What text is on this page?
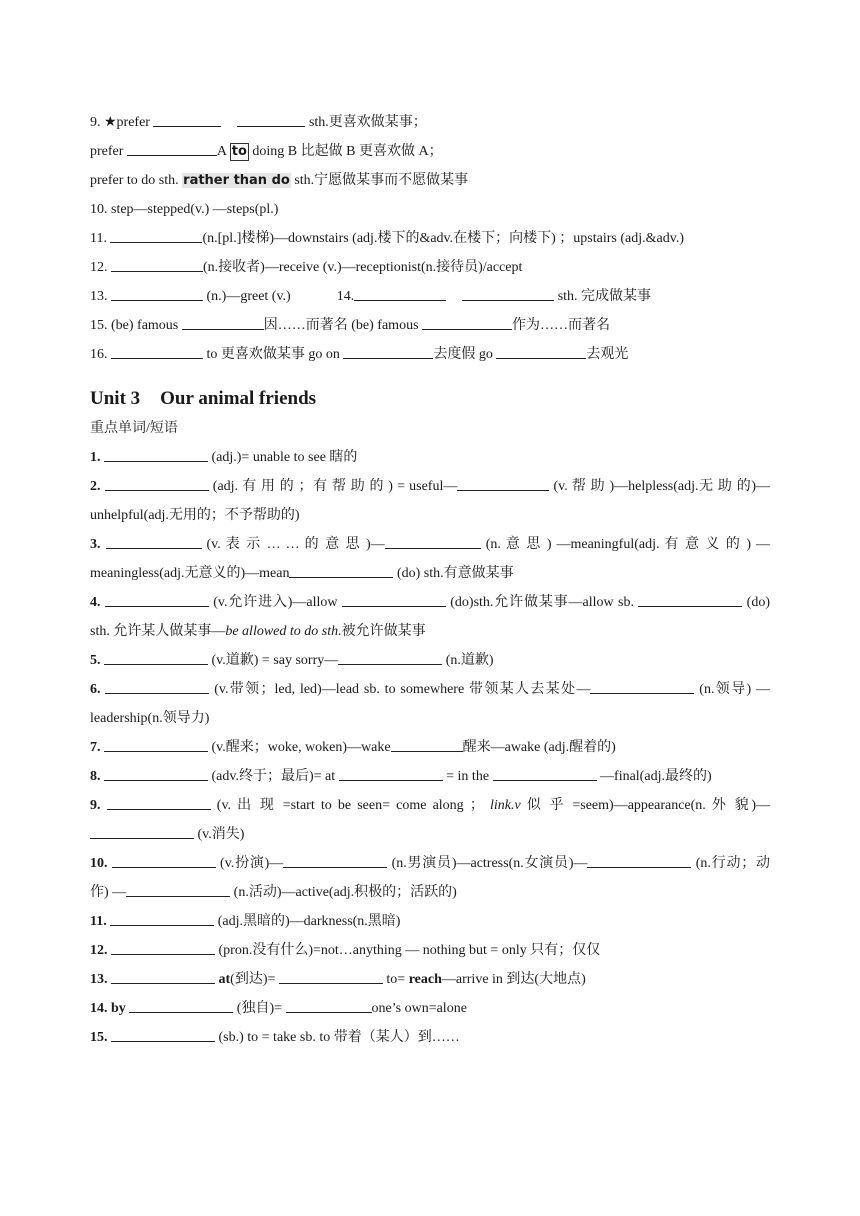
9. ★prefer	sth.更喜欢做某事；
prefer	A to doing B 比起做 B 更喜欢做 A；
prefer to do sth. rather than do sth.宁愿做某事而不愿做某事
10. step—stepped(v.) —steps(pl.)
11.	(n.[pl.]楼梯)—downstairs (adj.楼下的&adv.在楼下；向楼下) ；upstairs (adj.&adv.)
12.	(n.接收者)—receive (v.)—receptionist(n.接待员)/accept
13.	(n.)—greet (v.)	14.	sth. 完成做某事
15. (be) famous	因……而著名 (be) famous	作为……而著名
16.	to 更喜欢做某事 go on	去度假 go	去观光
Unit 3 Our animal friends
重点单词/短语
1.	(adj.)= unable to see 瞎的
2.	(adj. 有 用 的 ；有 帮 助 的 ) = useful—	(v. 帮 助 )—helpless(adj.无 助 的)—unhelpful(adj.无用的；不予帮助的)
3.	(v. 表 示 … … 的 意 思 )—	(n. 意 思 ) —meaningful(adj. 有 意 义 的 ) —meaningless(adj.无意义的)—mean	(do) sth.有意做某事
4.	(v.允许进入)—allow	(do)sth.允许做某事—allow sb.	(do) sth. 允许某人做某事—be allowed to do sth.被允许做某事
5.	(v.道歉) = say sorry—	(n.道歉)
6.	(v.带领；led, led)—lead sb. to somewhere 带领某人去某处—	(n.领导) —leadership(n.领导力)
7.	(v.醒来；woke, woken)—wake	醒来—awake (adj.醒着的)
8.	(adv.终于；最后)= at	= in the	—final(adj.最终的)
9.	(v. 出 现 =start to be seen= come along ； link.v 似 乎 =seem)—appearance(n. 外 貌)— (v.消失)
10.	(v.扮演)—	(n.男演员)—actress(n.女演员)—	(n.行动；动作) —	(n.活动)—active(adj.积极的；活跃的)
11.	(adj.黑暗的)—darkness(n.黑暗)
12.	(pron.没有什么)=not…anything — nothing but = only 只有；仅仅
13.	at(到达)=	to= reach—arrive in 到达(大地点)
14. by	(独自)=	one’s own=alone
15.	(sb.) to = take sb. to 带着（某人）到……
